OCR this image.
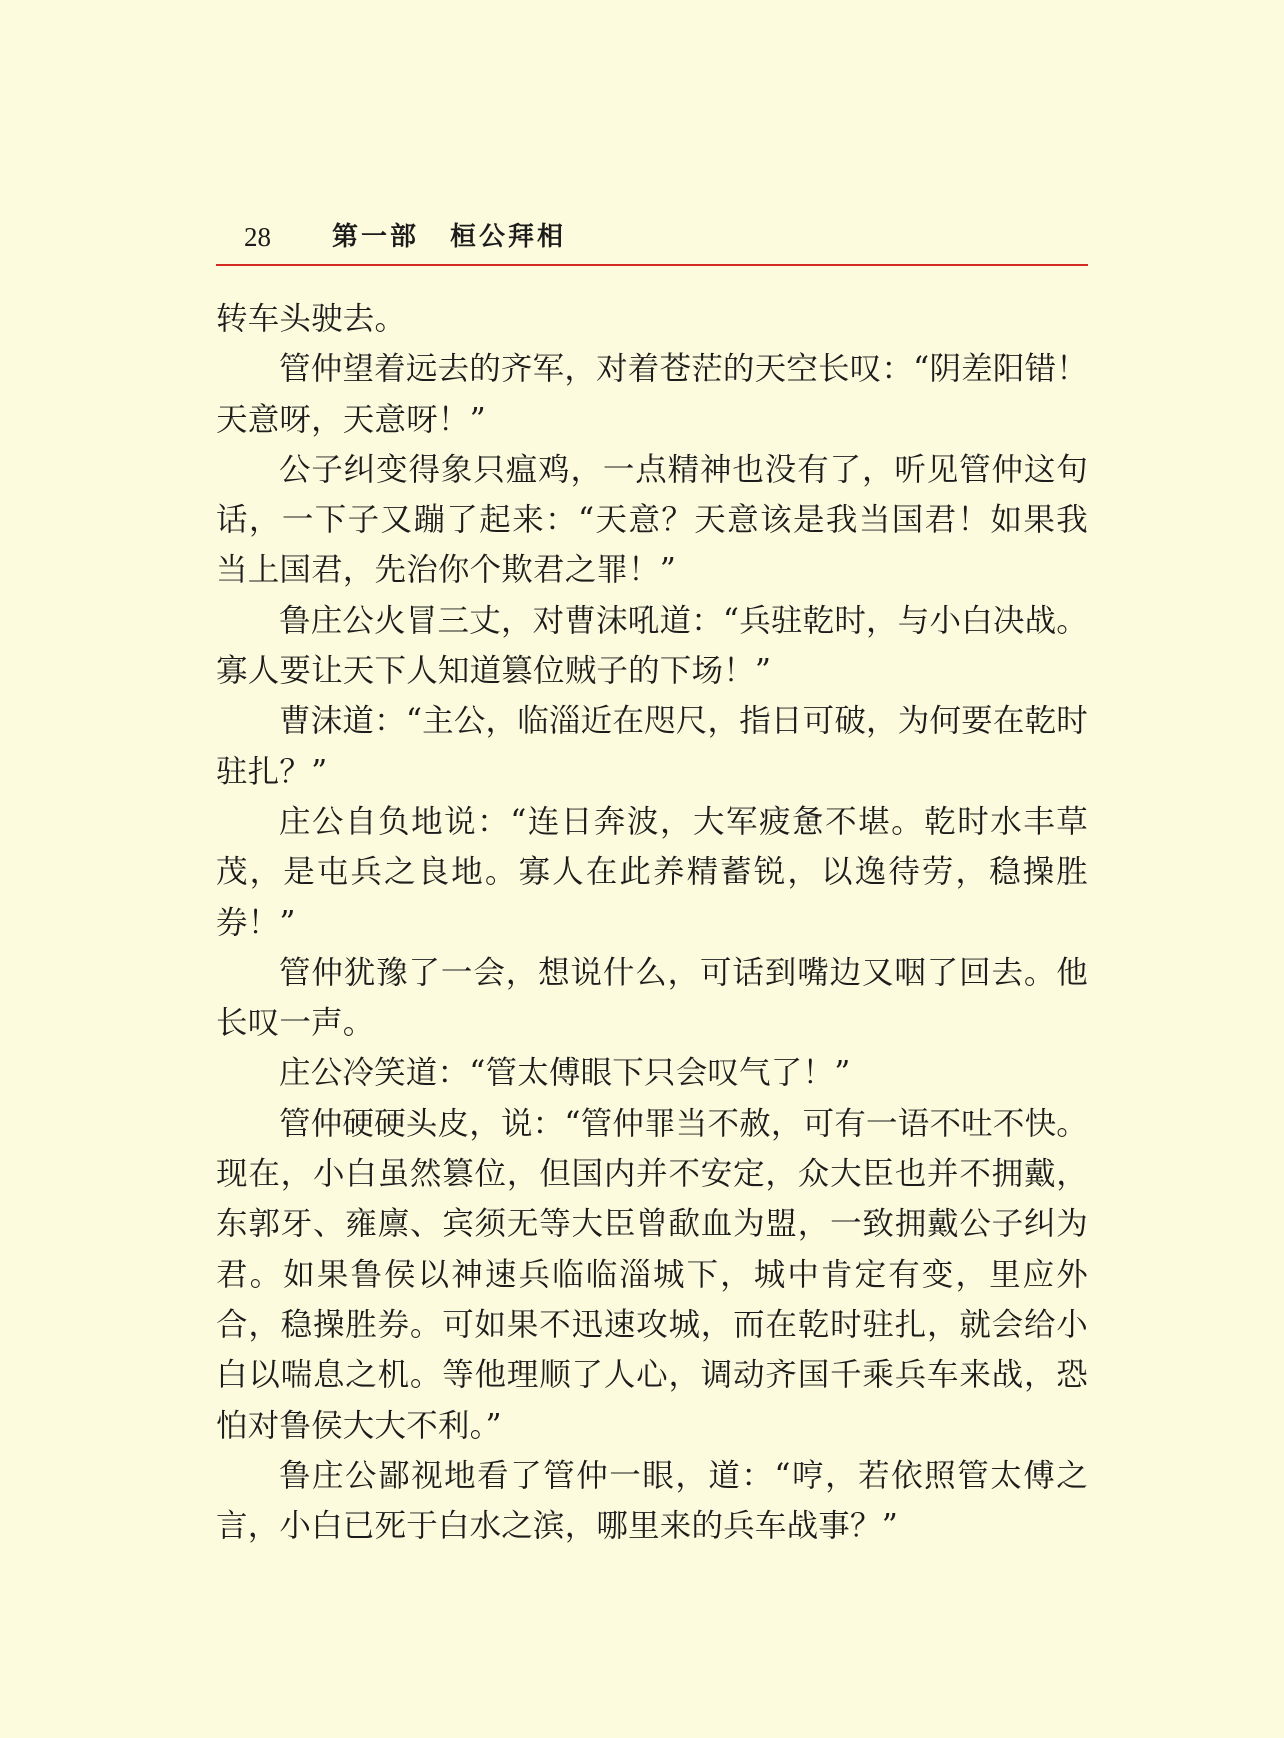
28 第一部 桓公拜相

转车头驶去。

管仲望着远去的齐军，对着苍茫的天空长叹：“阴差阳错！天意呀，天意呀！”

公子纠变得象只瘟鸡，一点精神也没有了，听见管仲这句话，一下子又蹦了起来：“天意？天意该是我当国君！如果我当上国君，先治你个欺君之罪！”

鲁庄公火冒三丈，对曹沫吼道：“兵驻乾时，与小白决战。寡人要让天下人知道篡位贼子的下场！”

曹沫道：“主公，临淄近在咫尺，指日可破，为何要在乾时驻扎？”

庄公自负地说：“连日奔波，大军疲惫不堪。乾时水丰草茂，是屯兵之良地。寡人在此养精蓄锐，以逸待劳，稳操胜券！”

管仲犹豫了一会，想说什么，可话到嘴边又咽了回去。他长叹一声。

庄公冷笑道：“管太傅眼下只会叹气了！”

管仲硬硬头皮，说：“管仲罪当不赦，可有一语不吐不快。现在，小白虽然篡位，但国内并不安定，众大臣也并不拥戴，东郭牙、雍廪、宾须无等大臣曾歃血为盟，一致拥戴公子纠为君。如果鲁侯以神速兵临临淄城下，城中肯定有变，里应外合，稳操胜券。可如果不迅速攻城，而在乾时驻扎，就会给小白以喘息之机。等他理顺了人心，调动齐国千乘兵车来战，恐怕对鲁侯大大不利。”

鲁庄公鄙视地看了管仲一眼，道：“哼，若依照管太傅之言，小白已死于白水之滨，哪里来的兵车战事？”
